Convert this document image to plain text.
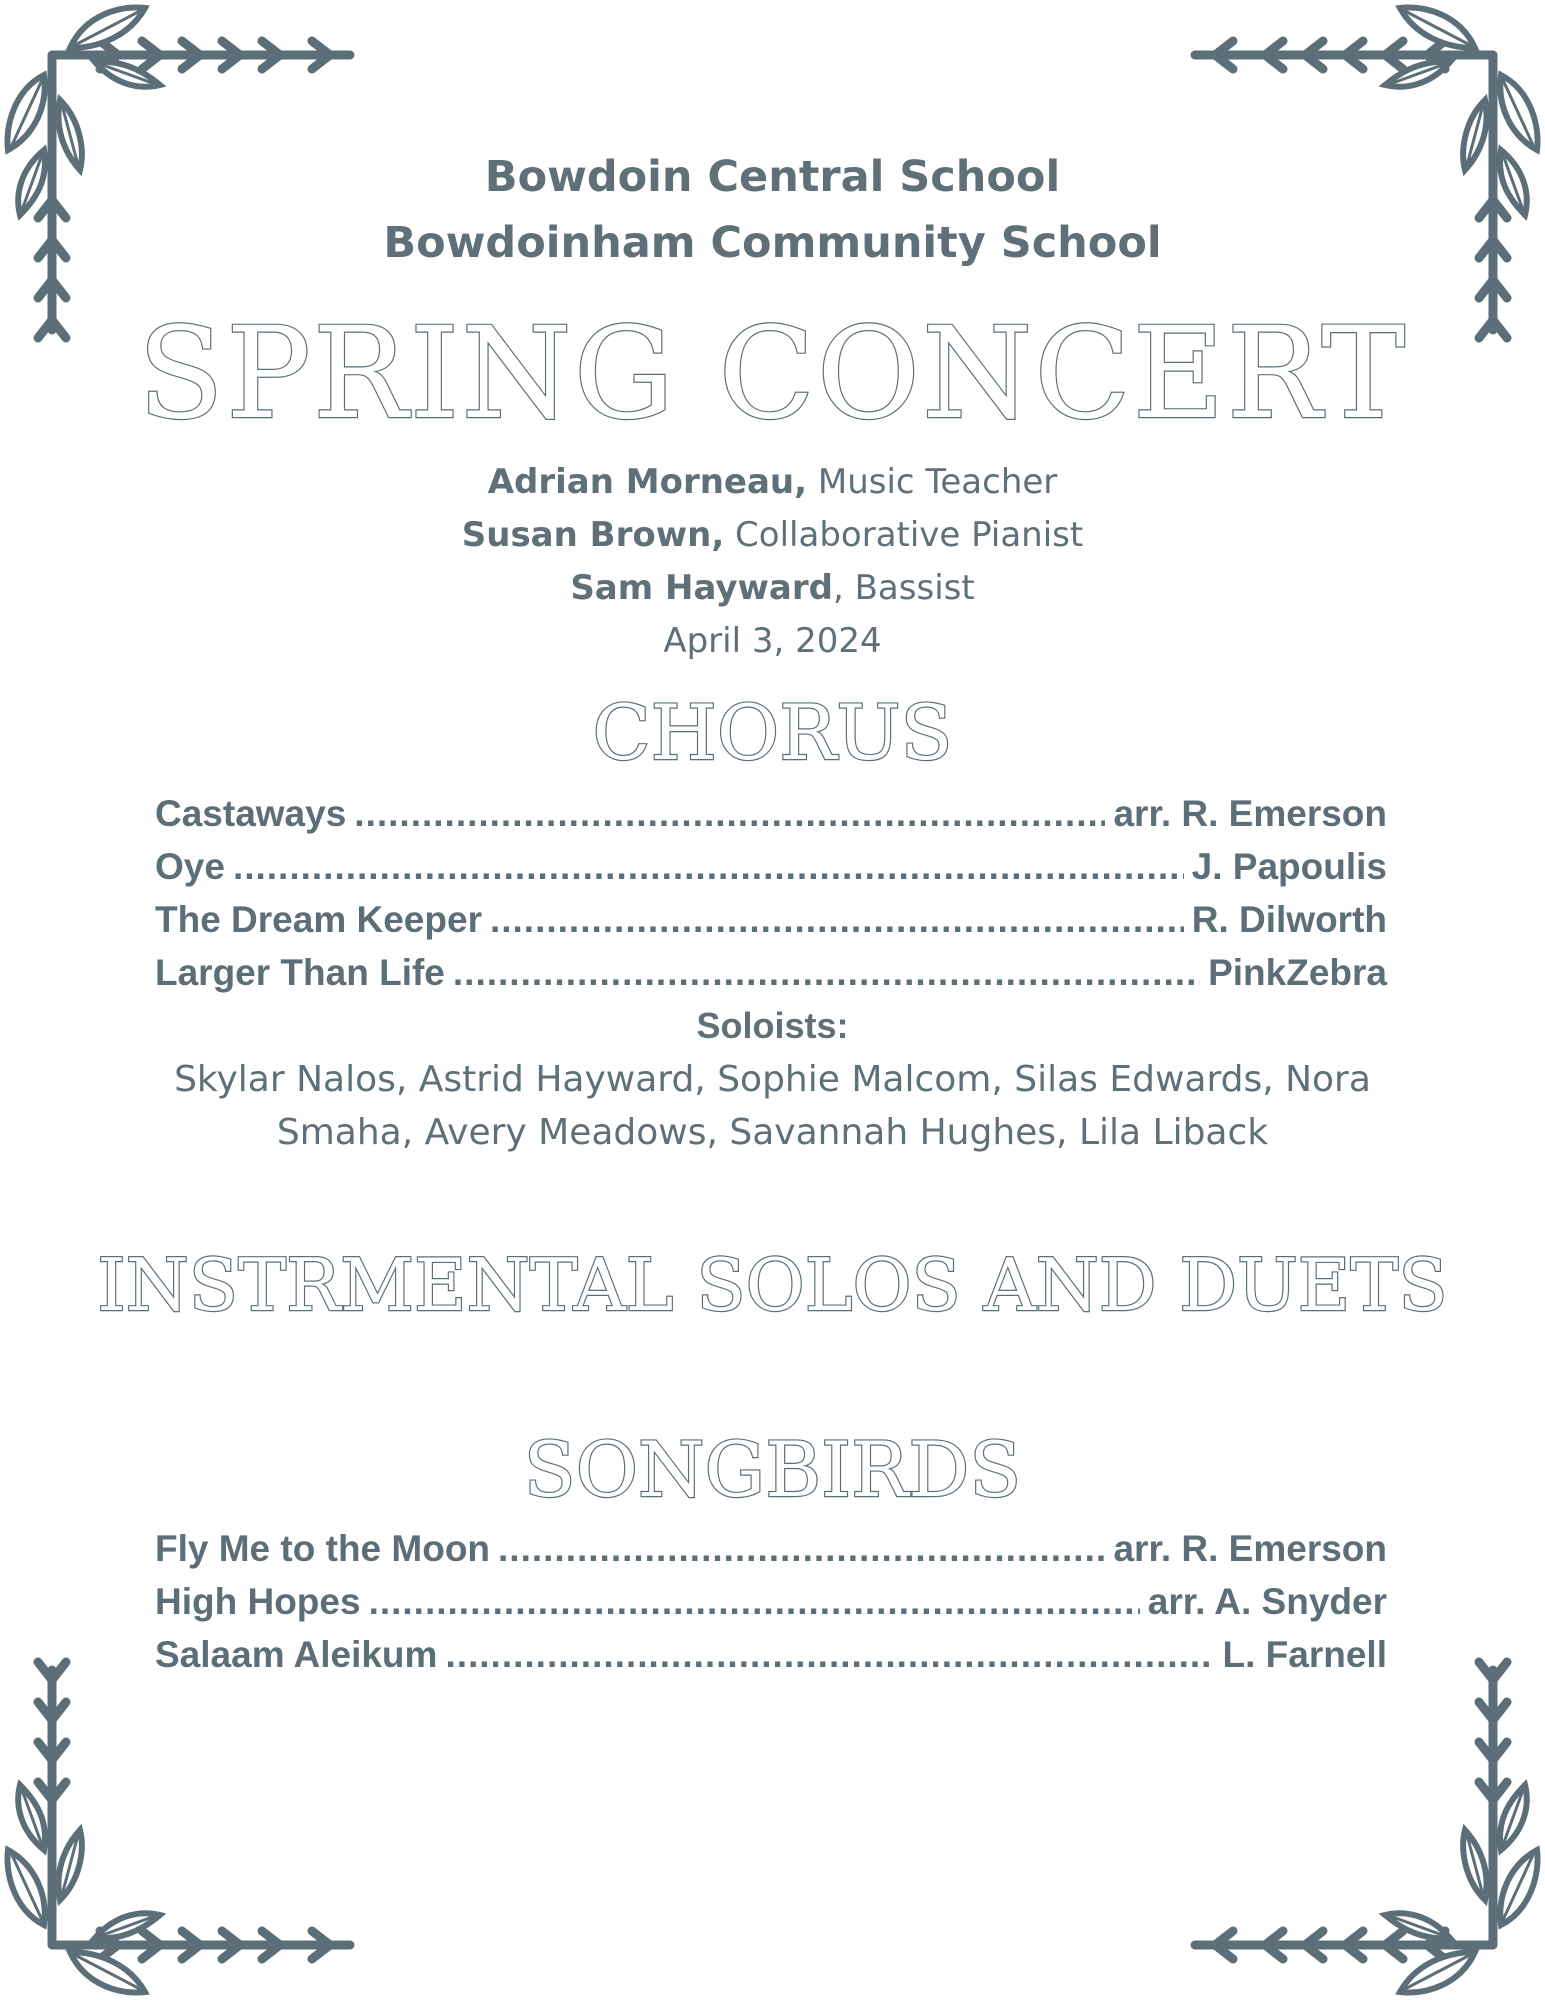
Bowdoin Central School
Bowdoinham Community School
SPRING CONCERT
Adrian Morneau, Music Teacher
Susan Brown, Collaborative Pianist
Sam Hayward, Bassist
April 3, 2024
CHORUS
Castaways .....	arr. R. Emerson
Oye .....	J. Papoulis
The Dream Keeper .....	R. Dilworth
Larger Than Life .....	PinkZebra
Soloists:
Skylar Nalos, Astrid Hayward, Sophie Malcom, Silas Edwards, Nora
Smaha, Avery Meadows, Savannah Hughes, Lila Liback
INSTRMENTAL SOLOS AND DUETS
SONGBIRDS
Fly Me to the Moon .....	arr. R. Emerson
High Hopes .....	arr. A. Snyder
Salaam Aleikum .....	L. Farnell
